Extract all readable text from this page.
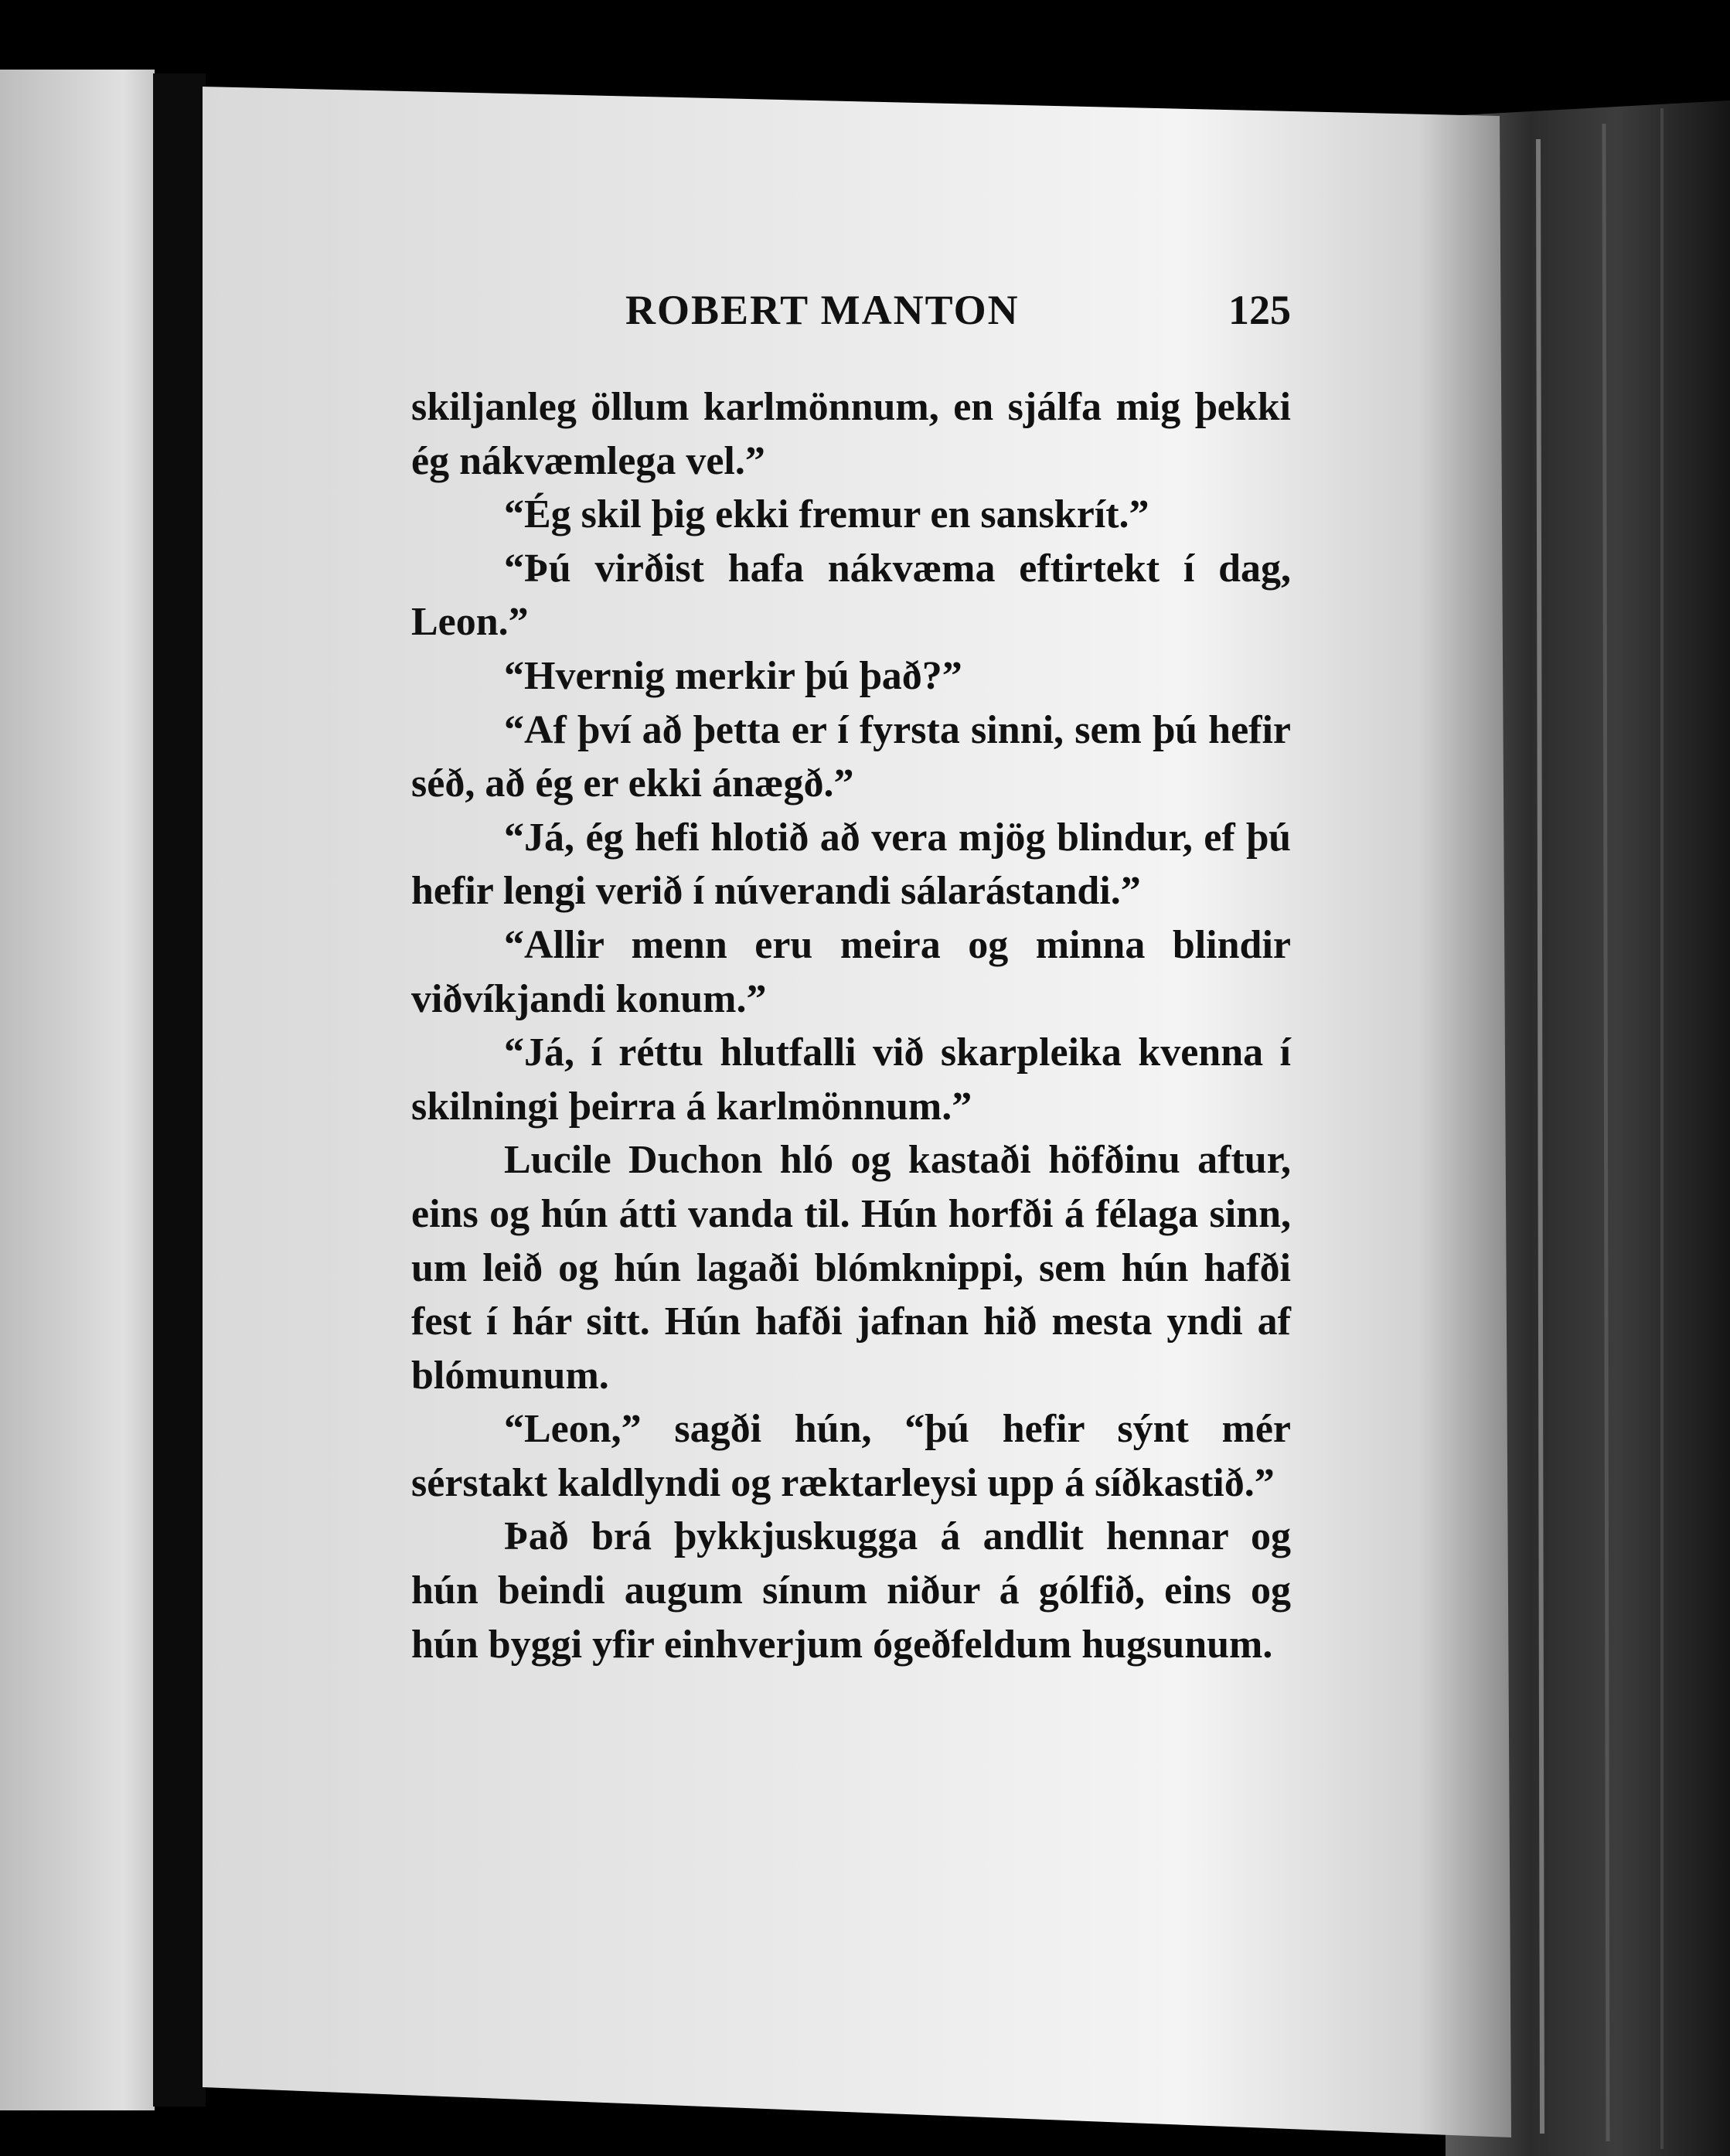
ROBERT MANTON	125

skiljanleg öllum karlmönnum, en sjálfa mig þekki ég nákvæmlega vel.”

“Ég skil þig ekki fremur en sanskrít.”

“Þú virðist hafa nákvæma eftirtekt í dag, Leon.”

“Hvernig merkir þú það?”

“Af því að þetta er í fyrsta sinni, sem þú hefir séð, að ég er ekki ánægð.”

“Já, ég hefi hlotið að vera mjög blindur, ef þú hefir lengi verið í núverandi sálarástandi.”

“Allir menn eru meira og minna blindir viðvíkjandi konum.”

“Já, í réttu hlutfalli við skarpleika kvenna í skilningi þeirra á karlmönnum.”

Lucile Duchon hló og kastaði höfðinu aftur, eins og hún átti vanda til. Hún horfði á félaga sinn, um leið og hún lagaði blómknippi, sem hún hafði fest í hár sitt. Hún hafði jafnan hið mesta yndi af blómunum.

“Leon,” sagði hún, “þú hefir sýnt mér sérstakt kaldlyndi og ræktarleysi upp á síðkastið.”

Það brá þykkjuskugga á andlit hennar og hún beindi augum sínum niður á gólfið, eins og hún byggi yfir einhverjum ógeðfeldum hugsunum.
